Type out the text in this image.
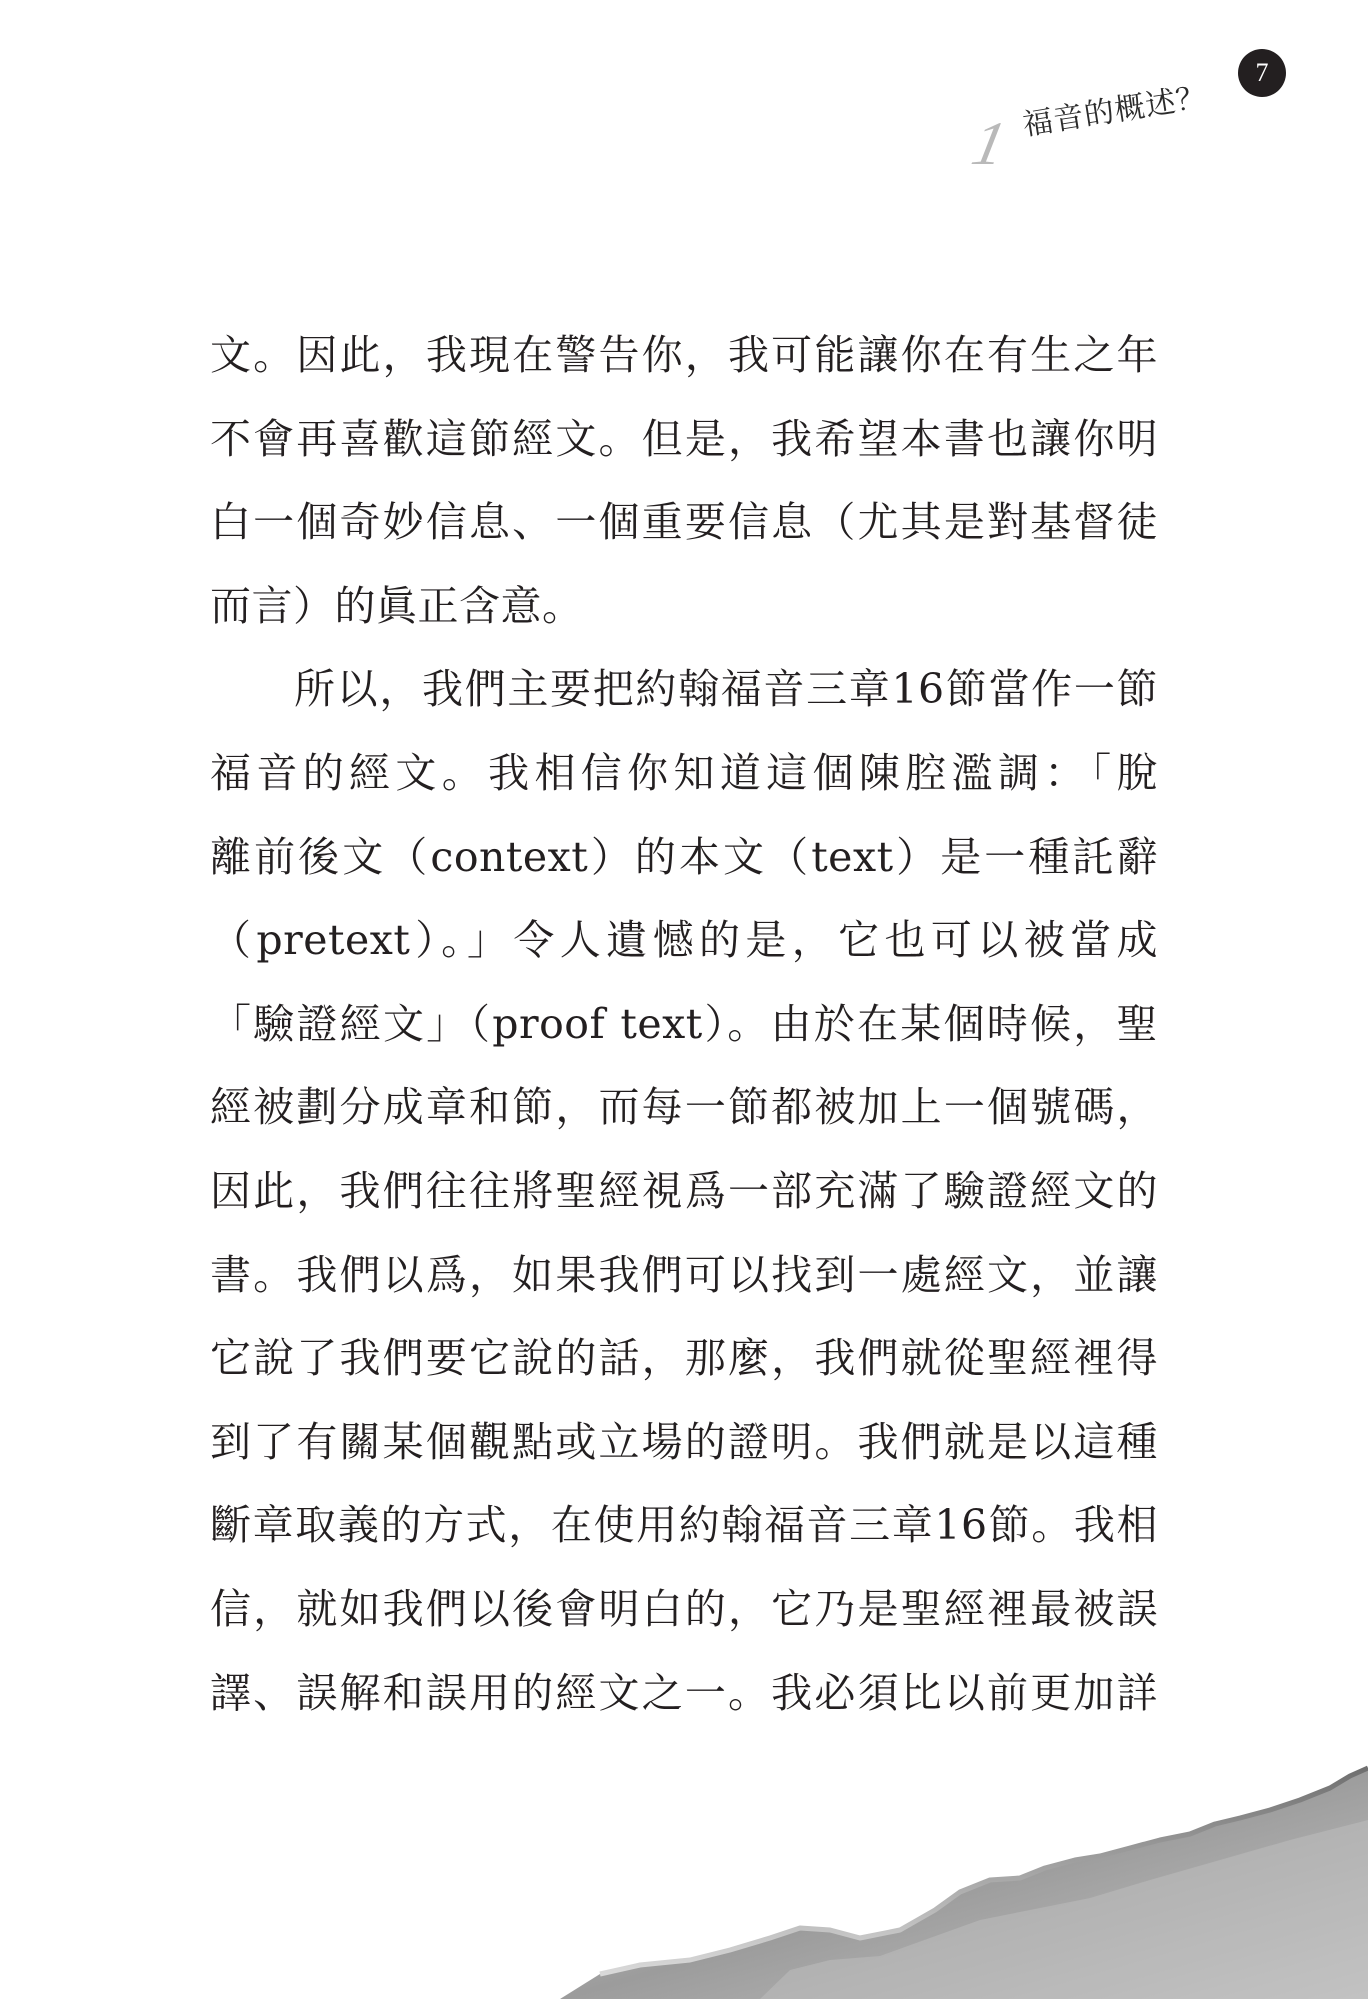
1 福音的概述？
7
文。因此，我現在警告你，我可能讓你在有生之年
不會再喜歡這節經文。但是，我希望本書也讓你明
白一個奇妙信息、一個重要信息（尤其是對基督徒
而言）的眞正含意。
所以，我們主要把約翰福音三章16節當作一節
福音的經文。我相信你知道這個陳腔濫調：「脫
離前後文（context）的本文（text）是一種託辭
（pretext）。」令人遺憾的是，它也可以被當成
「驗證經文」（proof text）。由於在某個時候，聖
經被劃分成章和節，而每一節都被加上一個號碼，
因此，我們往往將聖經視爲一部充滿了驗證經文的
書。我們以爲，如果我們可以找到一處經文，並讓
它說了我們要它說的話，那麼，我們就從聖經裡得
到了有關某個觀點或立場的證明。我們就是以這種
斷章取義的方式，在使用約翰福音三章16節。我相
信，就如我們以後會明白的，它乃是聖經裡最被誤
譯、誤解和誤用的經文之一。我必須比以前更加詳
